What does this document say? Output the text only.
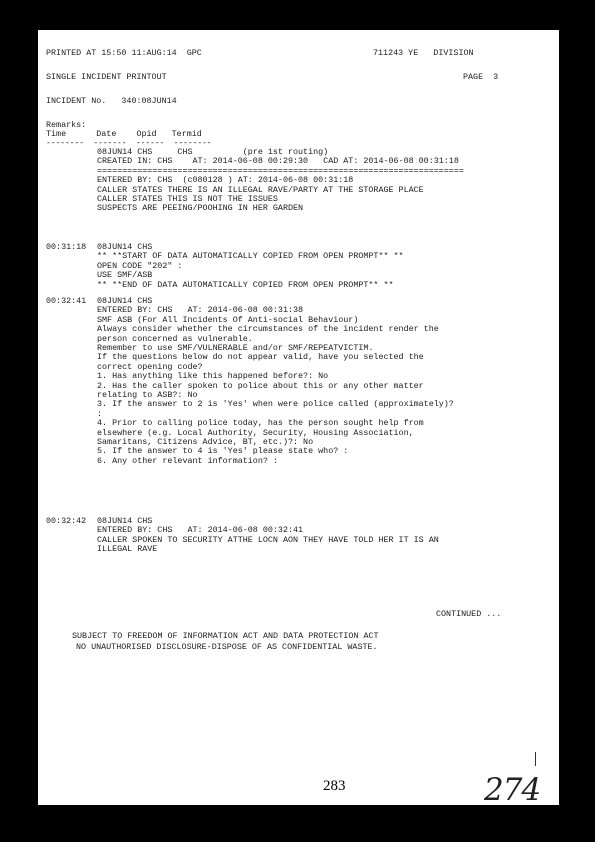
PRINTED AT 15:50 11:AUG:14  GPC	711243 YE   DIVISION
SINGLE INCIDENT PRINTOUT	PAGE  3
INCIDENT No.   340:08JUN14
Remarks:
Time      Date    Opid   Termid
--------  -------  ------  --------
08JUN14 CHS     CHS          (pre 1st routing)
CREATED IN: CHS    AT: 2014-06-08 00:29:30   CAD AT: 2014-06-08 00:31:18
=========================================================================
ENTERED BY: CHS  (c080128 ) AT: 2014-06-08 00:31:18
CALLER STATES THERE IS AN ILLEGAL RAVE/PARTY AT THE STORAGE PLACE
CALLER STATES THIS IS NOT THE ISSUES
SUSPECTS ARE PEEING/POOHING IN HER GARDEN
00:31:18 08JUN14 CHS
** **START OF DATA AUTOMATICALLY COPIED FROM OPEN PROMPT** **
OPEN CODE "202" :
USE SMF/ASB
** **END OF DATA AUTOMATICALLY COPIED FROM OPEN PROMPT** **
00:32:41 08JUN14 CHS
ENTERED BY: CHS   AT: 2014-06-08 00:31:38
SMF ASB (For All Incidents Of Anti-social Behaviour)
Always consider whether the circumstances of the incident render the
person concerned as vulnerable.
Remember to use SMF/VULNERABLE and/or SMF/REPEATVICTIM.
If the questions below do not appear valid, have you selected the
correct opening code?
1. Has anything like this happened before?: No
2. Has the caller spoken to police about this or any other matter
relating to ASB?: No
3. If the answer to 2 is 'Yes' when were police called (approximately)?
:
4. Prior to calling police today, has the person sought help from
elsewhere (e.g. Local Authority, Security, Housing Association,
Samaritans, Citizens Advice, BT, etc.)?: No
5. If the answer to 4 is 'Yes' please state who? :
6. Any other relevant information? :
00:32:42 08JUN14 CHS
ENTERED BY: CHS   AT: 2014-06-08 00:32:41
CALLER SPOKEN TO SECURITY ATTHE LOCN AON THEY HAVE TOLD HER IT IS AN
ILLEGAL RAVE
CONTINUED ...
SUBJECT TO FREEDOM OF INFORMATION ACT AND DATA PROTECTION ACT
NO UNAUTHORISED DISCLOSURE-DISPOSE OF AS CONFIDENTIAL WASTE.
283	274
